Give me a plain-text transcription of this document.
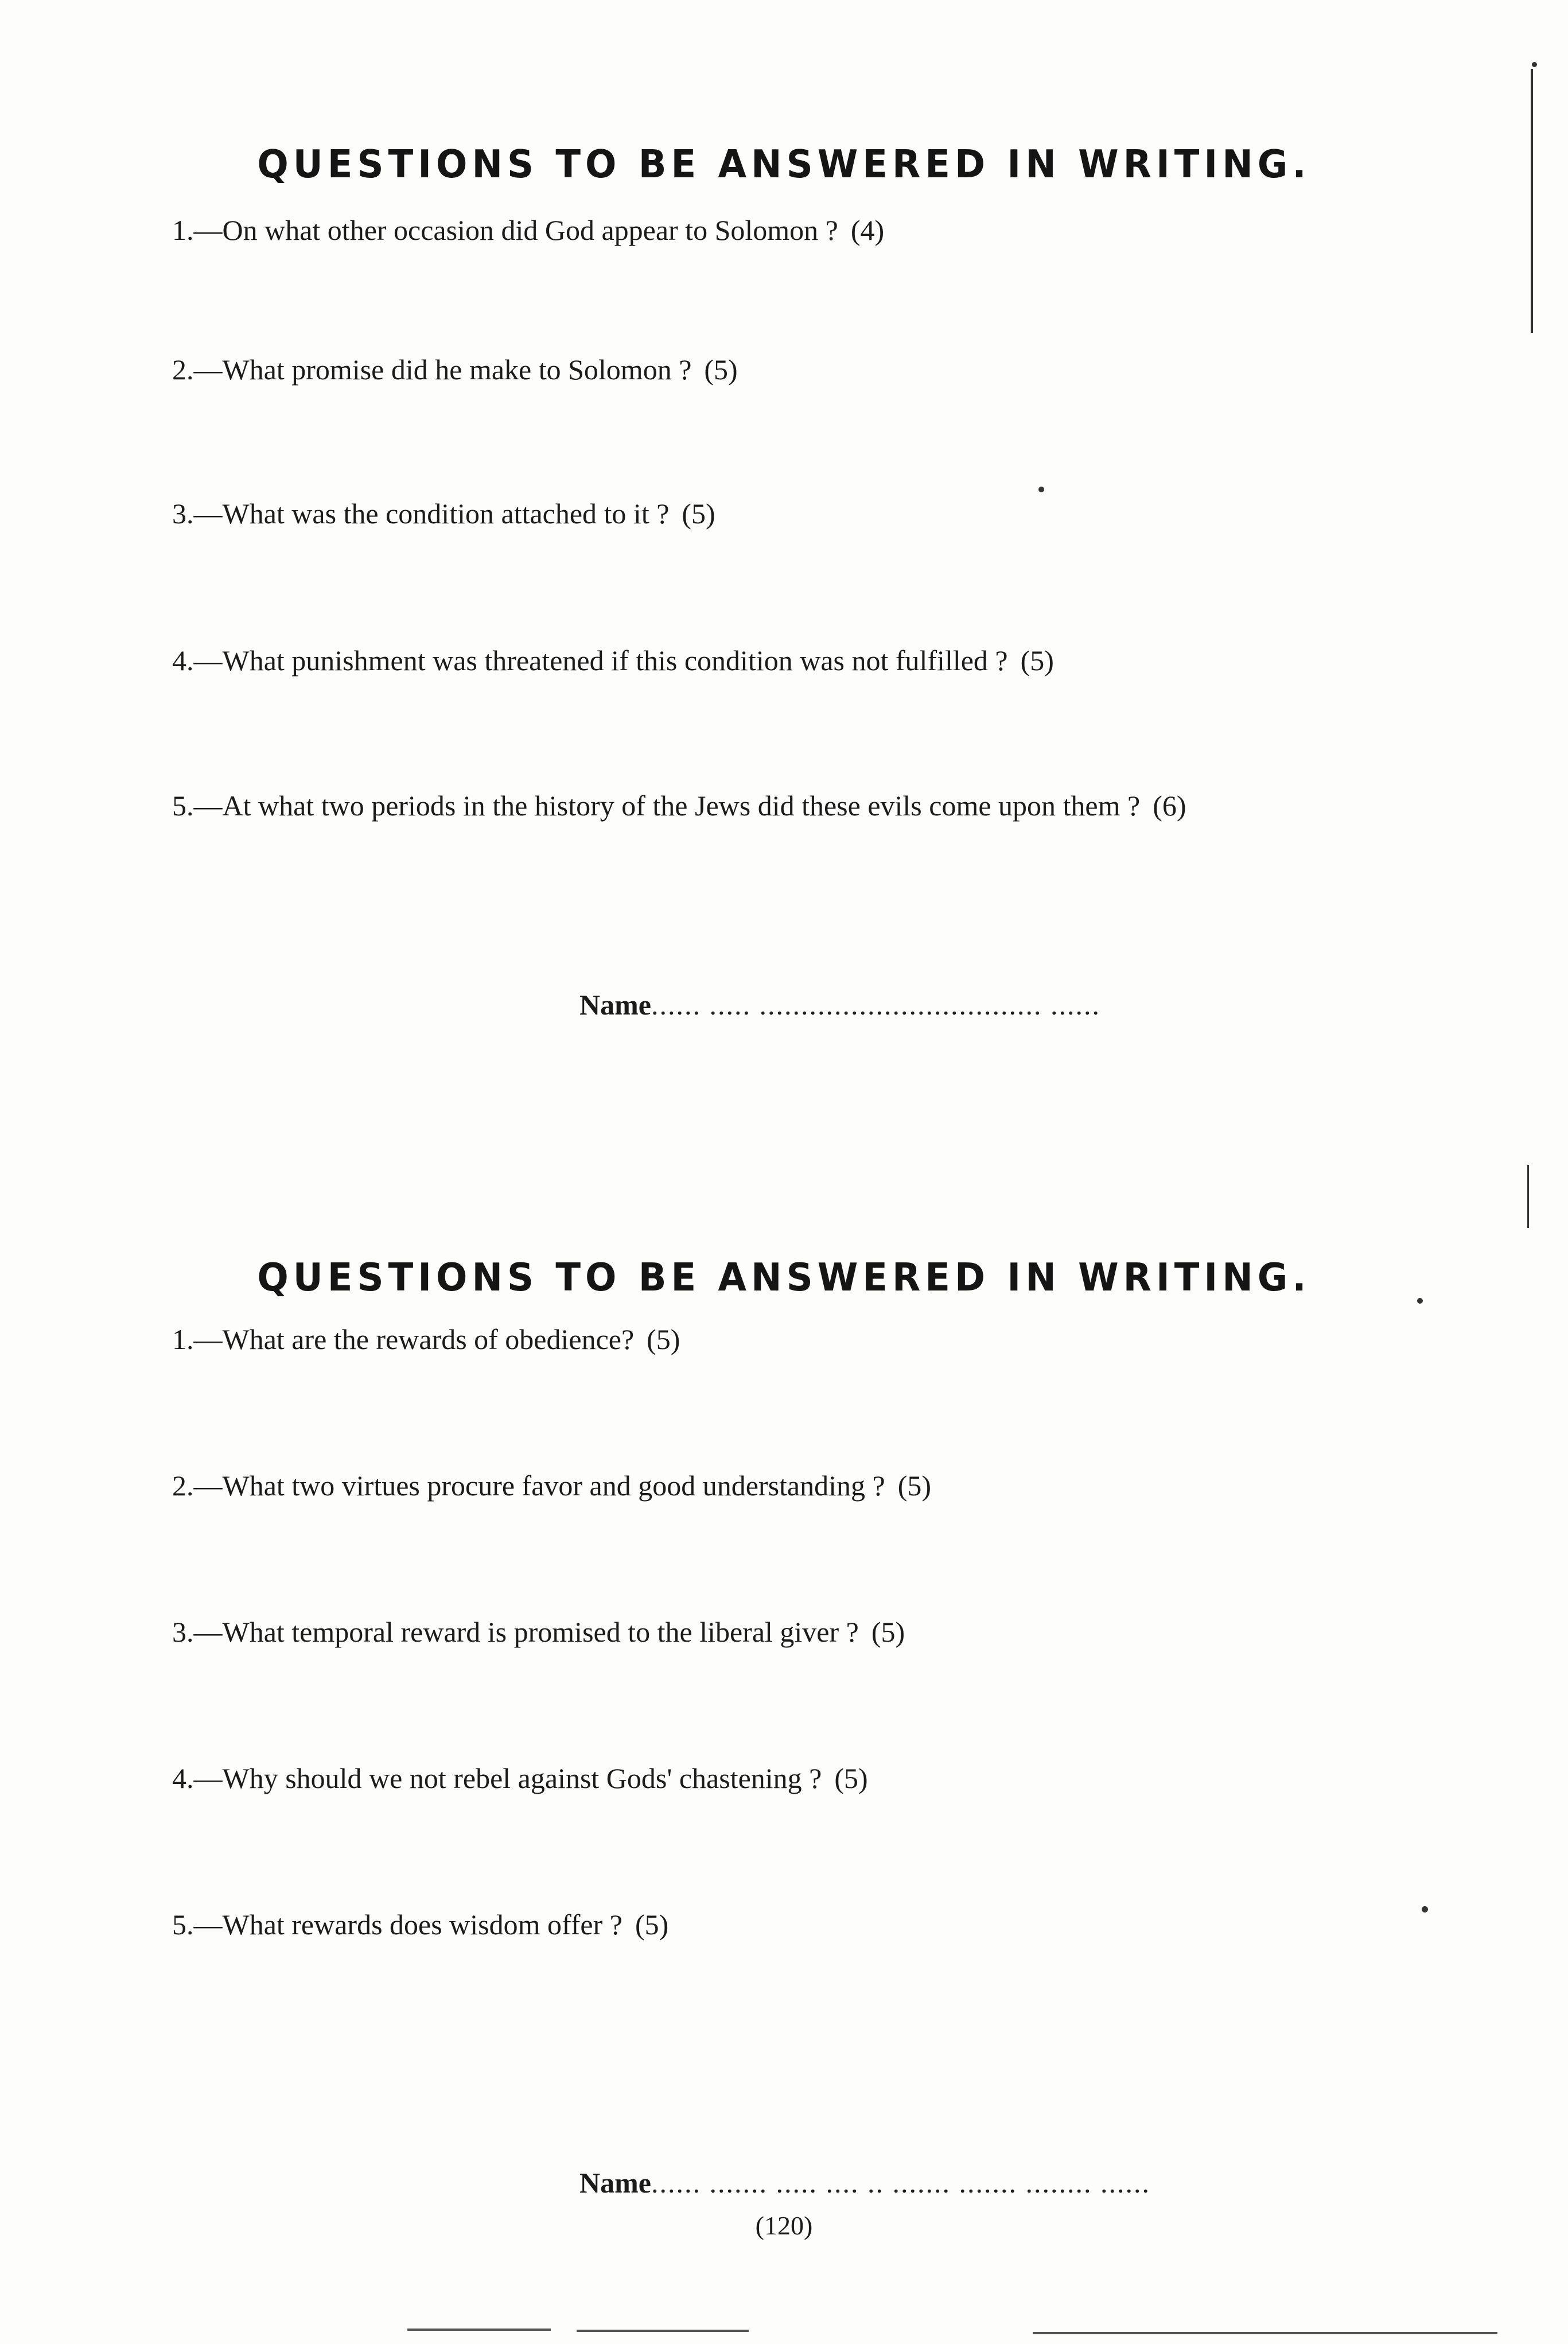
QUESTIONS TO BE ANSWERED IN WRITING.
1.—On what other occasion did God appear to Solomon ? (4)
2.—What promise did he make to Solomon ? (5)
3.—What was the condition attached to it ? (5)
4.—What punishment was threatened if this condition was not fulfilled ? (5)
5.—At what two periods in the history of the Jews did these evils come upon them ? (6)
Name...... ..... .................................. ......
QUESTIONS TO BE ANSWERED IN WRITING.
1.—What are the rewards of obedience? (5)
2.—What two virtues procure favor and good understanding ? (5)
3.—What temporal reward is promised to the liberal giver ? (5)
4.—Why should we not rebel against Gods' chastening ? (5)
5.—What rewards does wisdom offer ? (5)
Name...... ....... ..... .... .. ....... ....... ........ ......
(120)
